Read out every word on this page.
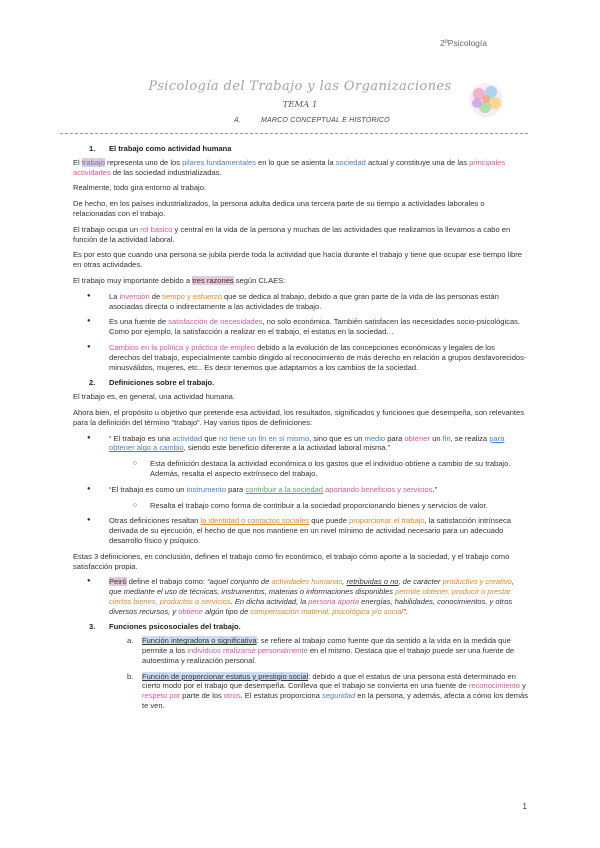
2ºPsicología
Psicología del Trabajo y las Organizaciones
TEMA 1
A.	MARCO CONCEPTUAL E HISTÓRICO

1. El trabajo como actividad humana

El trabajo representa uno de los pilares fundamentales en lo que se asienta la sociedad actual y constituye una de las principales actividades de las sociedad industrializadas.

Realmente, todo gira entorno al trabajo.

De hecho, en los países industrializados, la persona adulta dedica una tercera parte de su tiempo a actividades laborales o relacionadas con el trabajo.

El trabajo ocupa un rol básico y central en la vida de la persona y muchas de las actividades que realizamos la llevamos a cabo en función de la actividad laboral.

Es por esto que cuando una persona se jubila pierde toda la actividad que hacía durante el trabajo y tiene que ocupar ese tiempo libre en otras actividades.

El trabajo muy importante debido a tres razones según CLAES:

● La inversión de tiempo y esfuerzo que se dedica al trabajo, debido a que gran parte de la vida de las personas están asociadas directa o indirectamente a las actividades de trabajo.

● Es una fuente de satisfacción de necesidades, no solo económica. También satisfacen las necesidades socio-psicológicas. Como por ejemplo, la satisfacción a realizar en el trabajo, el estatus en la sociedad…

● Cambios en la política y práctica de empleo debido a la evolución de las concepciones económicas y legales de los derechos del trabajo, especialmente cambio dirigido al reconocimiento de más derecho en relación a grupos desfavorecidos-minusválidos, mujeres, etc.. Es decir tenemos que adaptarnos a los cambios de la sociedad.

2. Definiciones sobre el trabajo.

El trabajo es, en general, una actividad humana.

Ahora bien, el propósito u objetivo que pretende esa actividad, los resultados, significados y funciones que desempeña, son relevantes para la definición del término “trabajo”. Hay varios tipos de definiciones:

● “ El trabajo es una actividad que no tiene un fin en sí mismo, sino que es un medio para obtener un fin, se realiza para obtener algo a cambio, siendo este beneficio diferente a la actividad laboral misma.”

○ Esta definición destaca la actividad económica o los gastos que el individuo obtiene a cambio de su trabajo. Además, resalta el aspecto extrínseco del trabajo.

● “El trabajo es como un instrumento para contribuir a la sociedad aportando beneficios y servicios.”

○ Resalta el trabajo como forma de contribuir a la sociedad proporcionando bienes y servicios de valor.

● Otras definiciones resaltan la identidad o contactos sociales que puede proporcionar el trabajo, la satisfacción intrínseca derivada de su ejecución, el hecho de que nos mantiene en un nivel mínimo de actividad necesario para un adecuado desarrollo físico y psíquico.

Estas 3 definiciones, en conclusión, definen el trabajo como fin económico, el trabajo cómo aporte a la sociedad, y el trabajo como satisfacción propia.

● Peiró define el trabajo como: “aquel conjunto de actividades humanas, retribuidas o no, de carácter productivo y creativo, que mediante el uso de técnicas, instrumentos, materias o informaciones disponibles permite obtener, producir o prestar ciertos bienes, productos o servicios. En dicha actividad, la persona aporta energías, habilidades, conocimientos, y otros diversos recursos, y obtiene algún tipo de compensación material, psicológica y/o social”.

3. Funciones psicosociales del trabajo.

a. Función integradora o significativa: se refiere al trabajo como fuente que da sentido a la vida en la medida que permite a los individuos realizarse personalmente en el mismo. Destaca que el trabajo puede ser una fuente de autoestima y realización personal.

b. Función de proporcionar estatus y prestigio social: debido a que el estatus de una persona está determinado en cierto modo por el trabajo que desempeña. Conlleva que el trabajo se convierta en una fuente de reconocimiento y respeto por parte de los otros. El estatus proporciona seguridad en la persona, y además, afecta a cómo los demás te ven.

1
